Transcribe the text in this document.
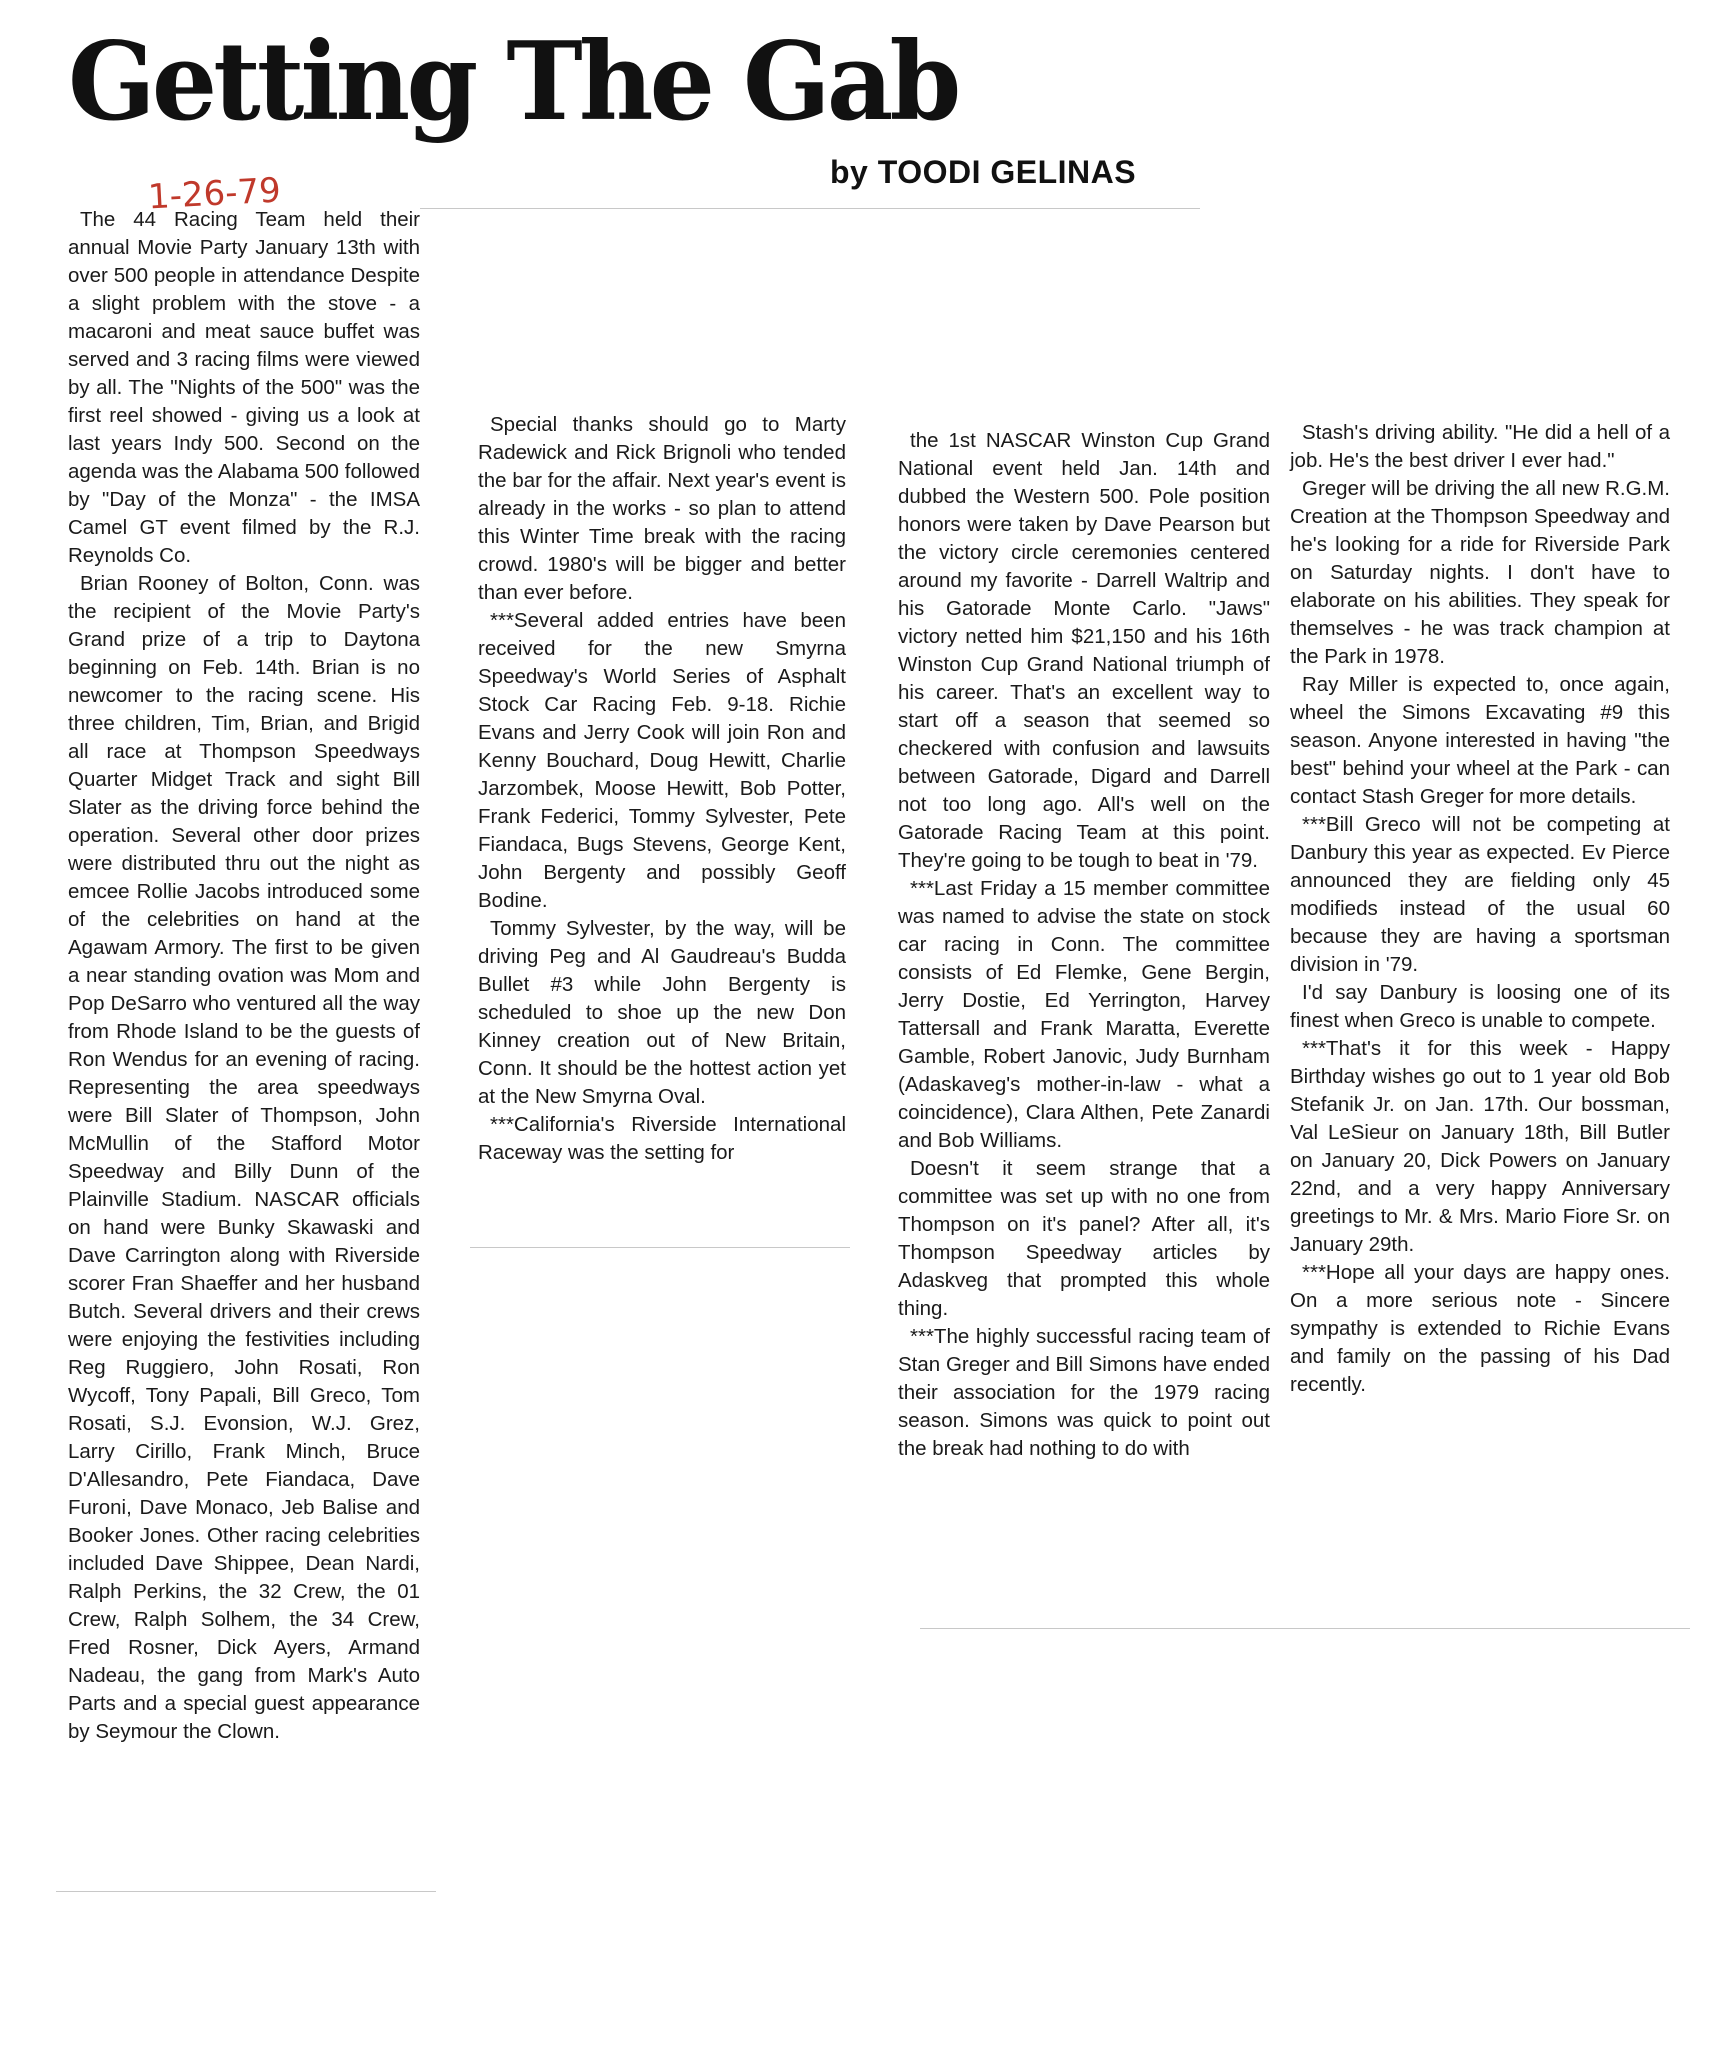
Getting The Gab
1-26-79	by TOODI GELINAS

The 44 Racing Team held their annual Movie Party January 13th with over 500 people in attendance Despite a slight problem with the stove - a macaroni and meat sauce buffet was served and 3 racing films were viewed by all. The "Nights of the 500" was the first reel showed - giving us a look at last years Indy 500. Second on the agenda was the Alabama 500 followed by "Day of the Monza" - the IMSA Camel GT event filmed by the R.J. Reynolds Co.

Brian Rooney of Bolton, Conn. was the recipient of the Movie Party's Grand prize of a trip to Daytona beginning on Feb. 14th. Brian is no newcomer to the racing scene. His three children, Tim, Brian, and Brigid all race at Thompson Speedways Quarter Midget Track and sight Bill Slater as the driving force behind the operation. Several other door prizes were distributed thru out the night as emcee Rollie Jacobs introduced some of the celebrities on hand at the Agawam Armory. The first to be given a near standing ovation was Mom and Pop DeSarro who ventured all the way from Rhode Island to be the guests of Ron Wendus for an evening of racing. Representing the area speedways were Bill Slater of Thompson, John McMullin of the Stafford Motor Speedway and Billy Dunn of the Plainville Stadium. NASCAR officials on hand were Bunky Skawaski and Dave Carrington along with Riverside scorer Fran Shaeffer and her husband Butch. Several drivers and their crews were enjoying the festivities including Reg Ruggiero, John Rosati, Ron Wycoff, Tony Papali, Bill Greco, Tom Rosati, S.J. Evonsion, W.J. Grez, Larry Cirillo, Frank Minch, Bruce D'Allesandro, Pete Fiandaca, Dave Furoni, Dave Monaco, Jeb Balise and Booker Jones. Other racing celebrities included Dave Shippee, Dean Nardi, Ralph Perkins, the 32 Crew, the 01 Crew, Ralph Solhem, the 34 Crew, Fred Rosner, Dick Ayers, Armand Nadeau, the gang from Mark's Auto Parts and a special guest appearance by Seymour the Clown.

Special thanks should go to Marty Radewick and Rick Brignoli who tended the bar for the affair. Next year's event is already in the works - so plan to attend this Winter Time break with the racing crowd. 1980's will be bigger and better than ever before.

***Several added entries have been received for the new Smyrna Speedway's World Series of Asphalt Stock Car Racing Feb. 9-18. Richie Evans and Jerry Cook will join Ron and Kenny Bouchard, Doug Hewitt, Charlie Jarzombek, Moose Hewitt, Bob Potter, Frank Federici, Tommy Sylvester, Pete Fiandaca, Bugs Stevens, George Kent, John Bergenty and possibly Geoff Bodine.

Tommy Sylvester, by the way, will be driving Peg and Al Gaudreau's Budda Bullet #3 while John Bergenty is scheduled to shoe up the new Don Kinney creation out of New Britain, Conn. It should be the hottest action yet at the New Smyrna Oval.

***California's Riverside International Raceway was the setting for

the 1st NASCAR Winston Cup Grand National event held Jan. 14th and dubbed the Western 500. Pole position honors were taken by Dave Pearson but the victory circle ceremonies centered around my favorite - Darrell Waltrip and his Gatorade Monte Carlo. "Jaws" victory netted him $21,150 and his 16th Winston Cup Grand National triumph of his career. That's an excellent way to start off a season that seemed so checkered with confusion and lawsuits between Gatorade, Digard and Darrell not too long ago. All's well on the Gatorade Racing Team at this point. They're going to be tough to beat in '79.

***Last Friday a 15 member committee was named to advise the state on stock car racing in Conn. The committee consists of Ed Flemke, Gene Bergin, Jerry Dostie, Ed Yerrington, Harvey Tattersall and Frank Maratta, Everette Gamble, Robert Janovic, Judy Burnham (Adaskaveg's mother-in-law - what a coincidence), Clara Althen, Pete Zanardi and Bob Williams.

Doesn't it seem strange that a committee was set up with no one from Thompson on it's panel? After all, it's Thompson Speedway articles by Adaskveg that prompted this whole thing.

***The highly successful racing team of Stan Greger and Bill Simons have ended their association for the 1979 racing season. Simons was quick to point out the break had nothing to do with

Stash's driving ability. "He did a hell of a job. He's the best driver I ever had."

Greger will be driving the all new R.G.M. Creation at the Thompson Speedway and he's looking for a ride for Riverside Park on Saturday nights. I don't have to elaborate on his abilities. They speak for themselves - he was track champion at the Park in 1978.

Ray Miller is expected to, once again, wheel the Simons Excavating #9 this season. Anyone interested in having "the best" behind your wheel at the Park - can contact Stash Greger for more details.

***Bill Greco will not be competing at Danbury this year as expected. Ev Pierce announced they are fielding only 45 modifieds instead of the usual 60 because they are having a sportsman division in '79.

I'd say Danbury is loosing one of its finest when Greco is unable to compete.

***That's it for this week - Happy Birthday wishes go out to 1 year old Bob Stefanik Jr. on Jan. 17th. Our bossman, Val LeSieur on January 18th, Bill Butler on January 20, Dick Powers on January 22nd, and a very happy Anniversary greetings to Mr. & Mrs. Mario Fiore Sr. on January 29th.

***Hope all your days are happy ones. On a more serious note - Sincere sympathy is extended to Richie Evans and family on the passing of his Dad recently.
